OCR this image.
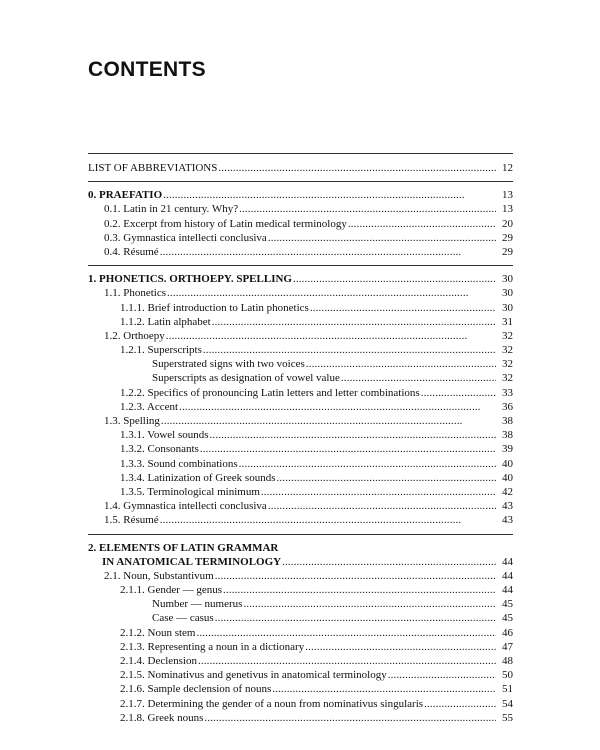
CONTENTS
LIST OF ABBREVIATIONS . . .	12
0. PRAEFATIO . . .	13
0.1. Latin in 21 century. Why? . . .	13
0.2. Excerpt from history of Latin medical terminology . . .	20
0.3. Gymnastica intellecti conclusiva . . .	29
0.4. Résumé . . .	29
1. PHONETICS. ORTHOEPY. SPELLING . . .	30
1.1. Phonetics . . .	30
1.1.1. Brief introduction to Latin phonetics . . .	30
1.1.2. Latin alphabet . . .	31
1.2. Orthoepy . . .	32
1.2.1. Superscripts . . .	32
Superstrated signs with two voices . . .	32
Superscripts as designation of vowel value . . .	32
1.2.2. Specifics of pronouncing Latin letters and letter combinations . . .	33
1.2.3. Accent . . .	36
1.3. Spelling . . .	38
1.3.1. Vowel sounds . . .	38
1.3.2. Consonants . . .	39
1.3.3. Sound combinations . . .	40
1.3.4. Latinization of Greek sounds . . .	40
1.3.5. Terminological minimum . . .	42
1.4. Gymnastica intellecti conclusiva . . .	43
1.5. Résumé . . .	43
2. ELEMENTS OF LATIN GRAMMAR
IN ANATOMICAL TERMINOLOGY . . .	44
2.1. Noun, Substantivum . . .	44
2.1.1. Gender — genus . . .	44
Number — numerus . . .	45
Case — casus . . .	45
2.1.2. Noun stem . . .	46
2.1.3. Representing a noun in a dictionary . . .	47
2.1.4. Declension . . .	48
2.1.5. Nominativus and genetivus in anatomical terminology . . .	50
2.1.6. Sample declension of nouns . . .	51
2.1.7. Determining the gender of a noun from nominativus singularis . . .	54
2.1.8. Greek nouns . . .	55
